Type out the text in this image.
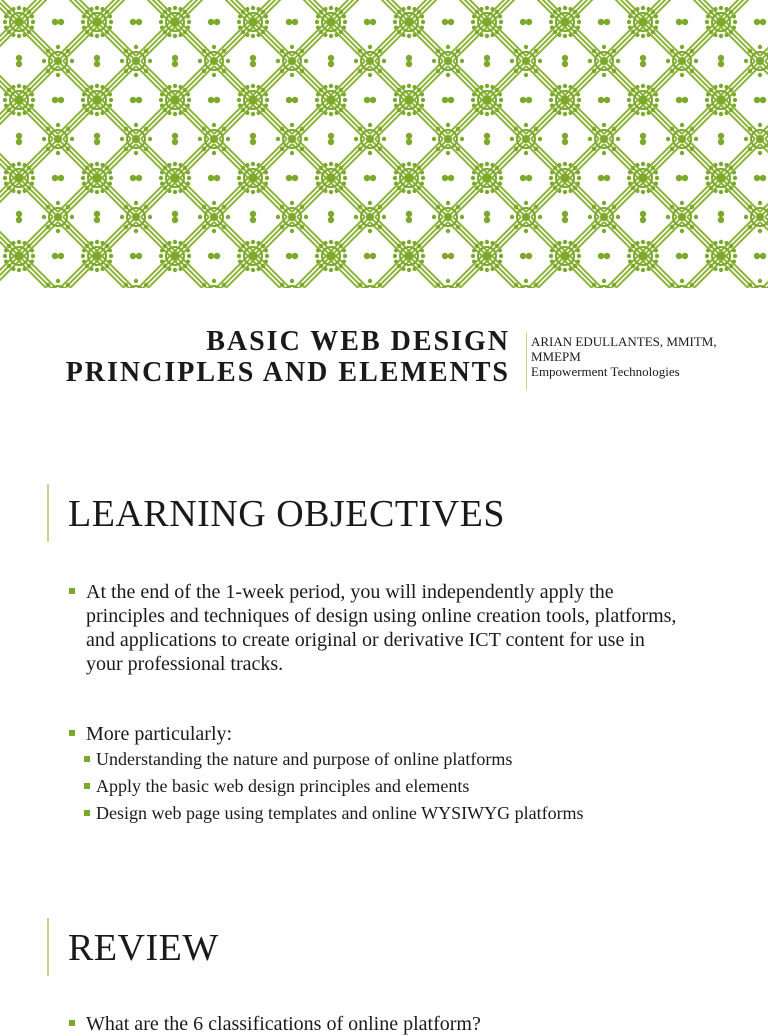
BASIC WEB DESIGN
PRINCIPLES AND ELEMENTS
ARIAN EDULLANTES, MMITM,
MMEPM
Empowerment Technologies
LEARNING OBJECTIVES
At the end of the 1-week period, you will independently apply the principles and techniques of design using online creation tools, platforms, and applications to create original or derivative ICT content for use in your professional tracks.
More particularly:
Understanding the nature and purpose of online platforms
Apply the basic web design principles and elements
Design web page using templates and online WYSIWYG platforms
REVIEW
What are the 6 classifications of online platform?
